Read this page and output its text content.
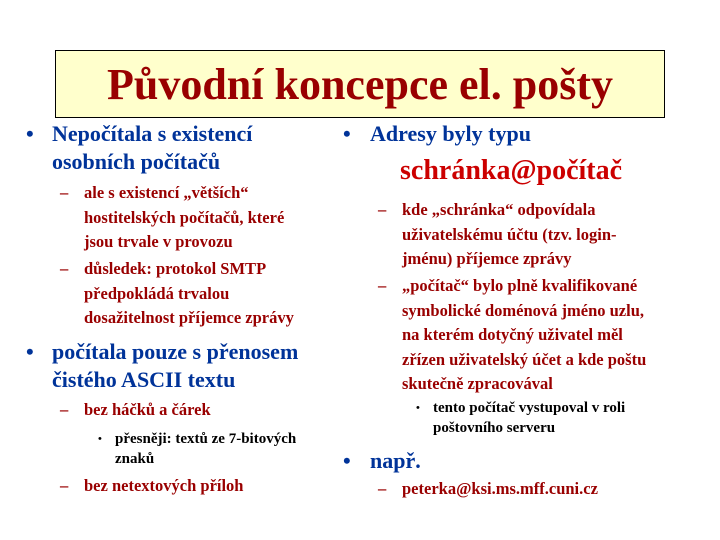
Původní koncepce el. pošty
• Nepočítala s existencí
osobních počítačů
– ale s existencí „větších“
hostitelských počítačů, které
jsou trvale v provozu
– důsledek: protokol SMTP
předpokládá trvalou
dosažitelnost příjemce zprávy
• počítala pouze s přenosem
čistého ASCII textu
– bez háčků a čárek
• přesněji: textů ze 7-bitových
znaků
– bez netextových příloh
• Adresy byly typu
schránka@počítač
– kde „schránka“ odpovídala
uživatelskému účtu (tzv. login-
jménu) příjemce zprávy
– „počítač“ bylo plně kvalifikované
symbolické doménová jméno uzlu,
na kterém dotyčný uživatel měl
zřízen uživatelský účet a kde poštu
skutečně zpracovával
• tento počítač vystupoval v roli
poštovního serveru
• např.
– peterka@ksi.ms.mff.cuni.cz
